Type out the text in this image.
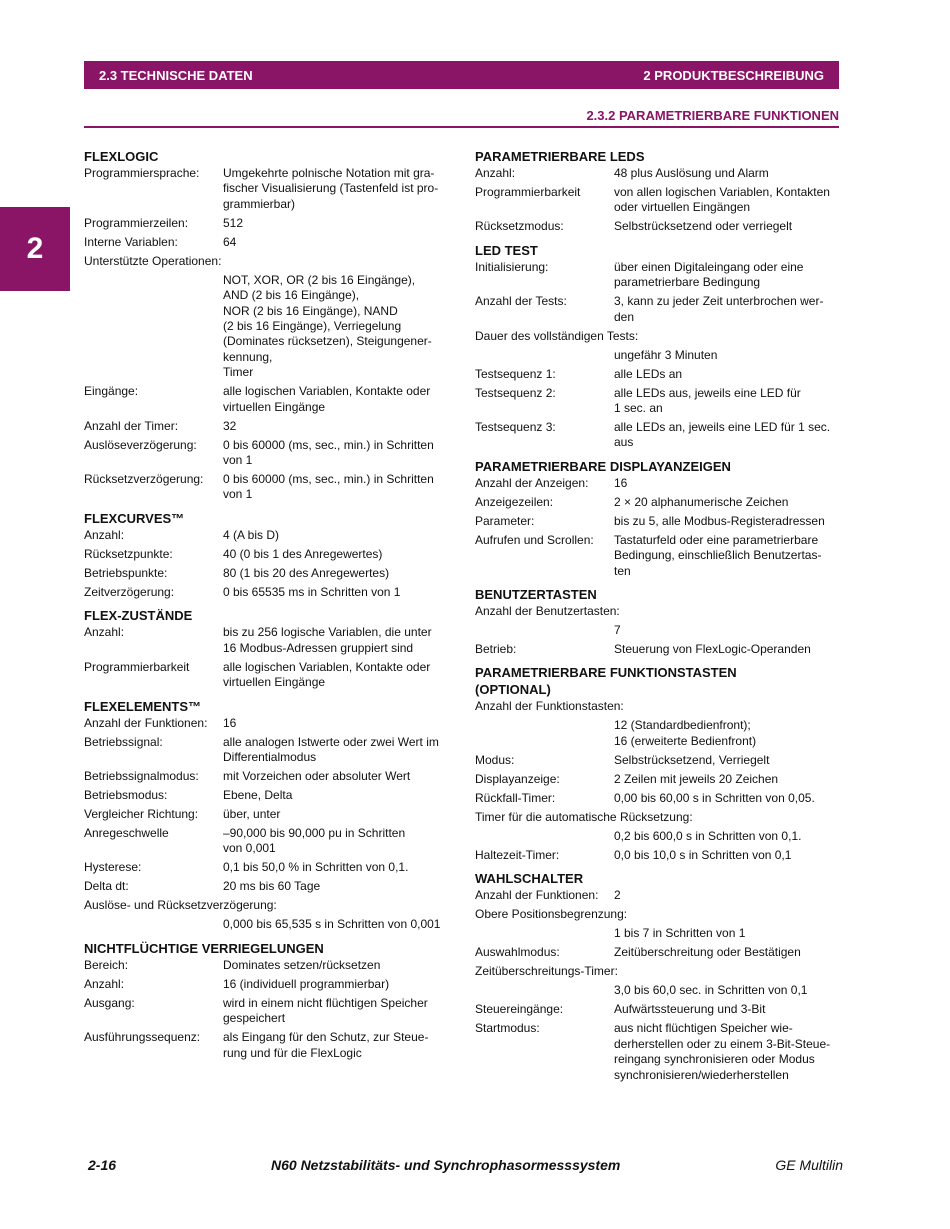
2.3 TECHNISCHE DATEN	2 PRODUKTBESCHREIBUNG
2.3.2 PARAMETRIERBARE FUNKTIONEN
2
FLEXLOGIC
Programmiersprache:	Umgekehrte polnische Notation mit gra-
fischer Visualisierung (Tastenfeld ist pro-
grammierbar)
Programmierzeilen:	512
Interne Variablen:	64
Unterstützte Operationen:
NOT, XOR, OR (2 bis 16 Eingänge),
AND (2 bis 16 Eingänge),
NOR (2 bis 16 Eingänge), NAND
(2 bis 16 Eingänge), Verriegelung
(Dominates rücksetzen), Steigungener-
kennung,
Timer
Eingänge:	alle logischen Variablen, Kontakte oder
virtuellen Eingänge
Anzahl der Timer:	32
Auslöseverzögerung:	0 bis 60000 (ms, sec., min.) in Schritten
von 1
Rücksetzverzögerung:	0 bis 60000 (ms, sec., min.) in Schritten
von 1
FLEXCURVES™
Anzahl:	4 (A bis D)
Rücksetzpunkte:	40 (0 bis 1 des Anregewertes)
Betriebspunkte:	80 (1 bis 20 des Anregewertes)
Zeitverzögerung:	0 bis 65535 ms in Schritten von 1
FLEX-ZUSTÄNDE
Anzahl:	bis zu 256 logische Variablen, die unter
16 Modbus-Adressen gruppiert sind
Programmierbarkeit	alle logischen Variablen, Kontakte oder
virtuellen Eingänge
FLEXELEMENTS™
Anzahl der Funktionen:	16
Betriebssignal:	alle analogen Istwerte oder zwei Wert im
Differentialmodus
Betriebssignalmodus:	mit Vorzeichen oder absoluter Wert
Betriebsmodus:	Ebene, Delta
Vergleicher Richtung:	über, unter
Anregeschwelle	–90,000 bis 90,000 pu in Schritten
von 0,001
Hysterese:	0,1 bis 50,0 % in Schritten von 0,1.
Delta dt:	20 ms bis 60 Tage
Auslöse- und Rücksetzverzögerung:
0,000 bis 65,535 s in Schritten von 0,001
NICHTFLÜCHTIGE VERRIEGELUNGEN
Bereich:	Dominates setzen/rücksetzen
Anzahl:	16 (individuell programmierbar)
Ausgang:	wird in einem nicht flüchtigen Speicher
gespeichert
Ausführungssequenz:	als Eingang für den Schutz, zur Steue-
rung und für die FlexLogic
PARAMETRIERBARE LEDS
Anzahl:	48 plus Auslösung und Alarm
Programmierbarkeit	von allen logischen Variablen, Kontakten
oder virtuellen Eingängen
Rücksetzmodus:	Selbstrücksetzend oder verriegelt
LED TEST
Initialisierung:	über einen Digitaleingang oder eine
parametrierbare Bedingung
Anzahl der Tests:	3, kann zu jeder Zeit unterbrochen wer-
den
Dauer des vollständigen Tests:
ungefähr 3 Minuten
Testsequenz 1:	alle LEDs an
Testsequenz 2:	alle LEDs aus, jeweils eine LED für
1 sec. an
Testsequenz 3:	alle LEDs an, jeweils eine LED für 1 sec.
aus
PARAMETRIERBARE DISPLAYANZEIGEN
Anzahl der Anzeigen:	16
Anzeigezeilen:	2 × 20 alphanumerische Zeichen
Parameter:	bis zu 5, alle Modbus-Registeradressen
Aufrufen und Scrollen:	Tastaturfeld oder eine parametrierbare
Bedingung, einschließlich Benutzertas-
ten
BENUTZERTASTEN
Anzahl der Benutzertasten:
7
Betrieb:	Steuerung von FlexLogic-Operanden
PARAMETRIERBARE FUNKTIONSTASTEN
(OPTIONAL)
Anzahl der Funktionstasten:
12 (Standardbedienfront);
16 (erweiterte Bedienfront)
Modus:	Selbstrücksetzend, Verriegelt
Displayanzeige:	2 Zeilen mit jeweils 20 Zeichen
Rückfall-Timer:	0,00 bis 60,00 s in Schritten von 0,05.
Timer für die automatische Rücksetzung:
0,2 bis 600,0 s in Schritten von 0,1.
Haltezeit-Timer:	0,0 bis 10,0 s in Schritten von 0,1
WAHLSCHALTER
Anzahl der Funktionen:	2
Obere Positionsbegrenzung:
1 bis 7 in Schritten von 1
Auswahlmodus:	Zeitüberschreitung oder Bestätigen
Zeitüberschreitungs-Timer:
3,0 bis 60,0 sec. in Schritten von 0,1
Steuereingänge:	Aufwärtssteuerung und 3-Bit
Startmodus:	aus nicht flüchtigen Speicher wie-
derherstellen oder zu einem 3-Bit-Steue-
reingang synchronisieren oder Modus
synchronisieren/wiederherstellen
2-16	N60 Netzstabilitäts- und Synchrophasormesssystem	GE Multilin
